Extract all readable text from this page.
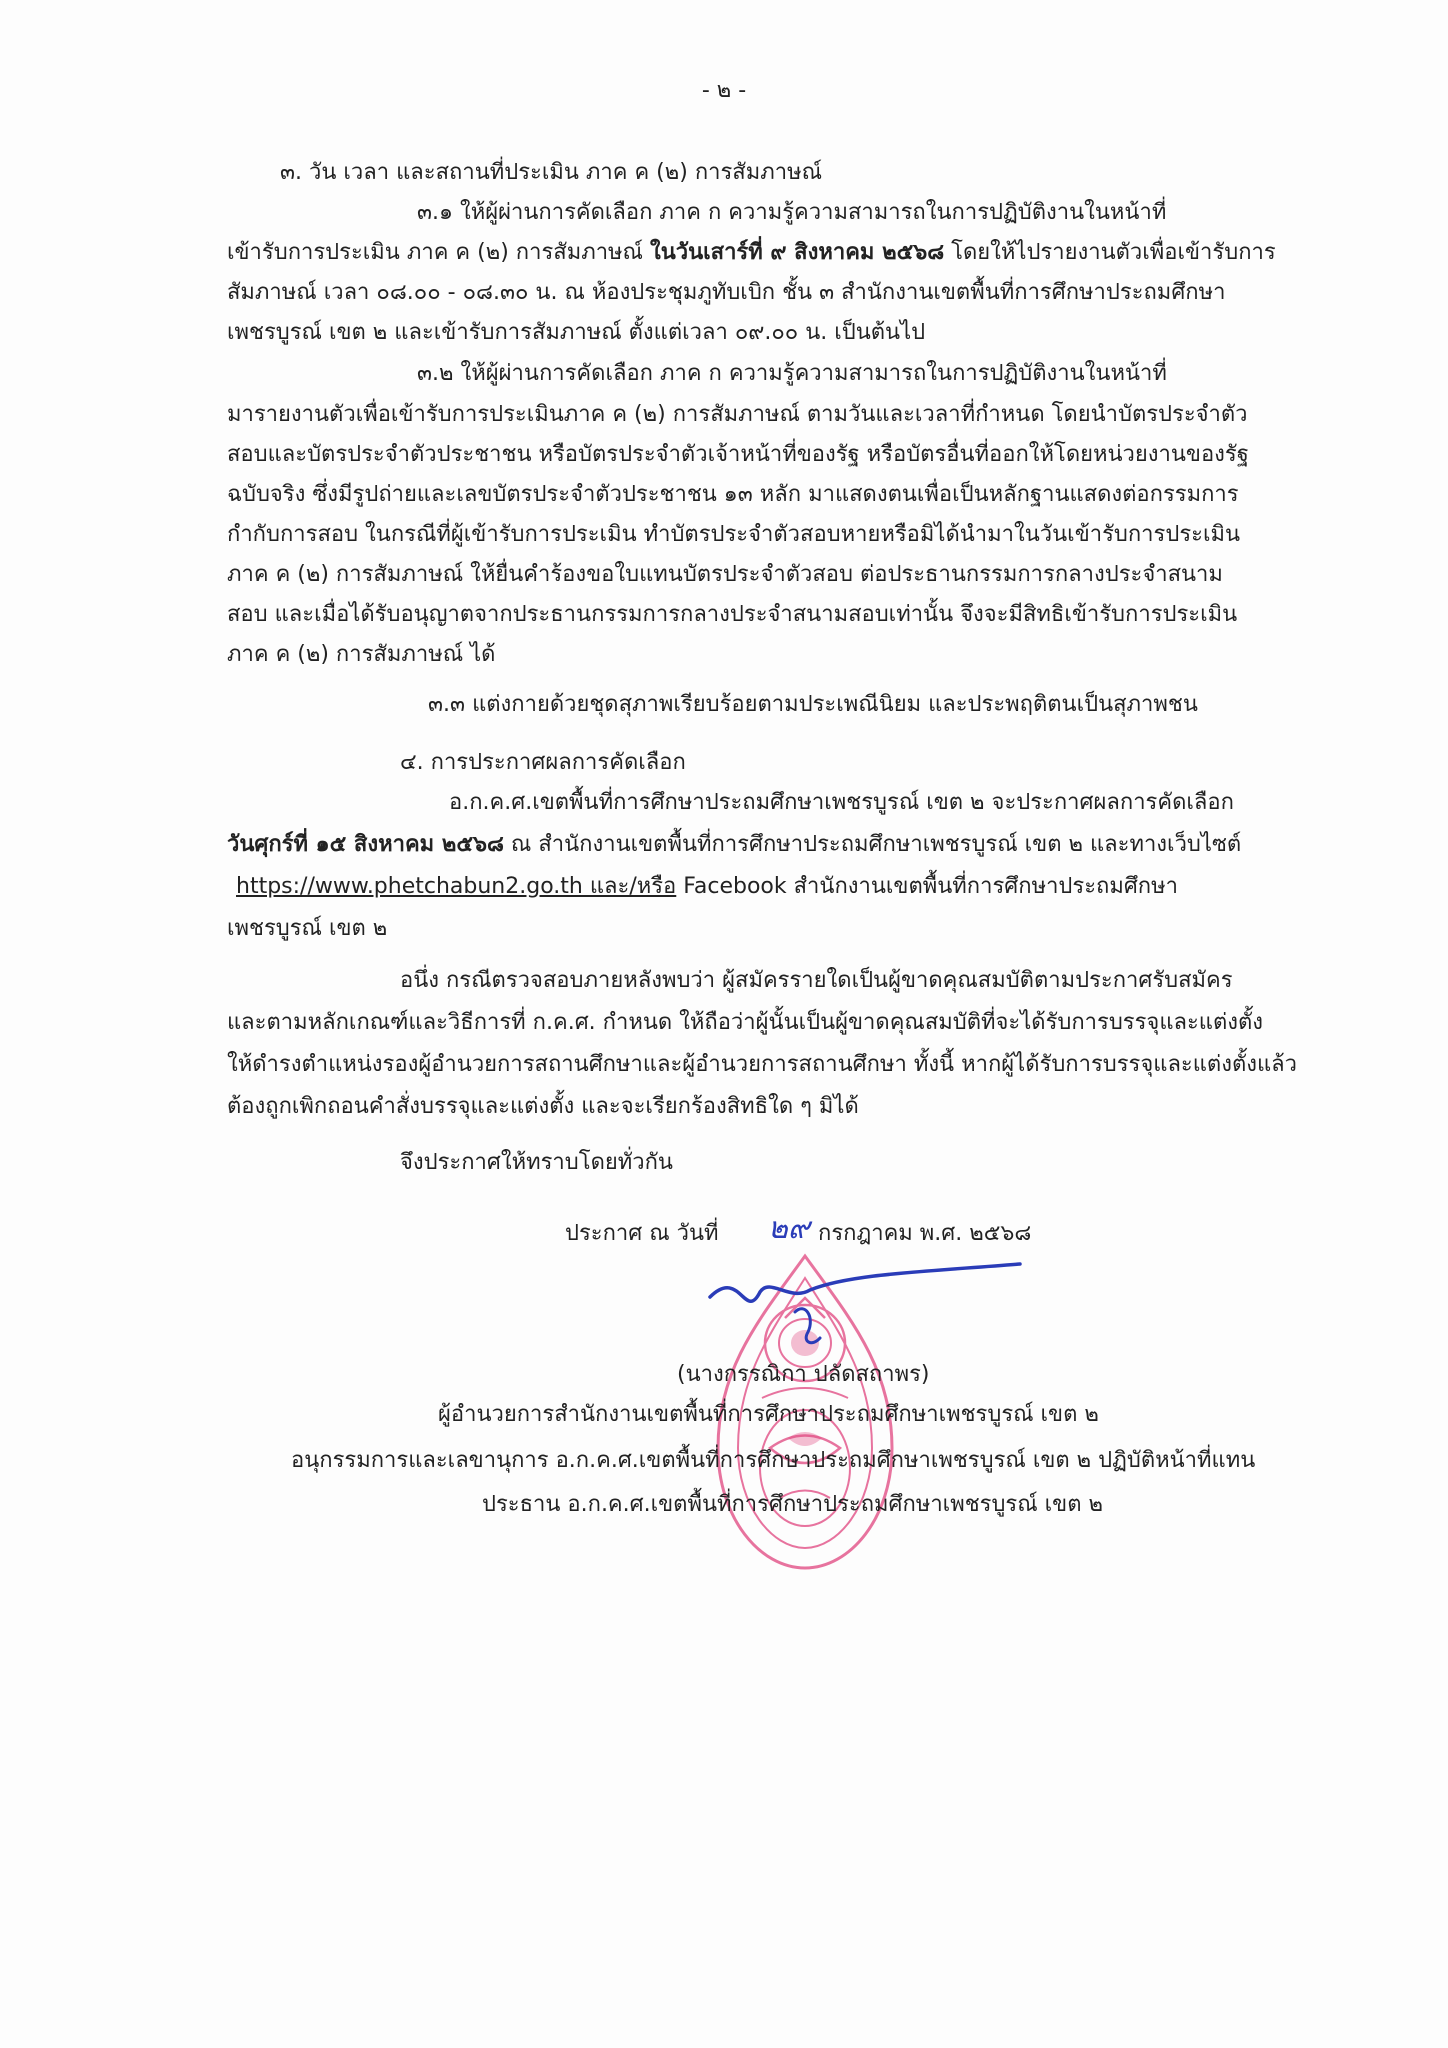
- ๒ -
๓. วัน เวลา และสถานที่ประเมิน ภาค ค (๒) การสัมภาษณ์
๓.๑ ให้ผู้ผ่านการคัดเลือก ภาค ก ความรู้ความสามารถในการปฏิบัติงานในหน้าที่
เข้ารับการประเมิน ภาค ค (๒) การสัมภาษณ์ ในวันเสาร์ที่ ๙ สิงหาคม ๒๕๖๘ โดยให้ไปรายงานตัวเพื่อเข้ารับการ
สัมภาษณ์ เวลา ๐๘.๐๐ - ๐๘.๓๐ น. ณ ห้องประชุมภูทับเบิก ชั้น ๓ สำนักงานเขตพื้นที่การศึกษาประถมศึกษา
เพชรบูรณ์ เขต ๒ และเข้ารับการสัมภาษณ์ ตั้งแต่เวลา ๐๙.๐๐ น. เป็นต้นไป
๓.๒ ให้ผู้ผ่านการคัดเลือก ภาค ก ความรู้ความสามารถในการปฏิบัติงานในหน้าที่
มารายงานตัวเพื่อเข้ารับการประเมินภาค ค (๒) การสัมภาษณ์ ตามวันและเวลาที่กำหนด โดยนำบัตรประจำตัว
สอบและบัตรประจำตัวประชาชน หรือบัตรประจำตัวเจ้าหน้าที่ของรัฐ หรือบัตรอื่นที่ออกให้โดยหน่วยงานของรัฐ
ฉบับจริง ซึ่งมีรูปถ่ายและเลขบัตรประจำตัวประชาชน ๑๓ หลัก มาแสดงตนเพื่อเป็นหลักฐานแสดงต่อกรรมการ
กำกับการสอบ ในกรณีที่ผู้เข้ารับการประเมิน ทำบัตรประจำตัวสอบหายหรือมิได้นำมาในวันเข้ารับการประเมิน
ภาค ค (๒) การสัมภาษณ์ ให้ยื่นคำร้องขอใบแทนบัตรประจำตัวสอบ ต่อประธานกรรมการกลางประจำสนาม
สอบ และเมื่อได้รับอนุญาตจากประธานกรรมการกลางประจำสนามสอบเท่านั้น จึงจะมีสิทธิเข้ารับการประเมิน
ภาค ค (๒) การสัมภาษณ์ ได้
๓.๓ แต่งกายด้วยชุดสุภาพเรียบร้อยตามประเพณีนิยม และประพฤติตนเป็นสุภาพชน
๔. การประกาศผลการคัดเลือก
อ.ก.ค.ศ.เขตพื้นที่การศึกษาประถมศึกษาเพชรบูรณ์ เขต ๒ จะประกาศผลการคัดเลือก
วันศุกร์ที่ ๑๕ สิงหาคม ๒๕๖๘ ณ สำนักงานเขตพื้นที่การศึกษาประถมศึกษาเพชรบูรณ์ เขต ๒ และทางเว็บไซต์
https://www.phetchabun2.go.th และ/หรือ Facebook สำนักงานเขตพื้นที่การศึกษาประถมศึกษา
เพชรบูรณ์ เขต ๒
อนึ่ง กรณีตรวจสอบภายหลังพบว่า ผู้สมัครรายใดเป็นผู้ขาดคุณสมบัติตามประกาศรับสมัคร
และตามหลักเกณฑ์และวิธีการที่ ก.ค.ศ. กำหนด ให้ถือว่าผู้นั้นเป็นผู้ขาดคุณสมบัติที่จะได้รับการบรรจุและแต่งตั้ง
ให้ดำรงตำแหน่งรองผู้อำนวยการสถานศึกษาและผู้อำนวยการสถานศึกษา ทั้งนี้ หากผู้ได้รับการบรรจุและแต่งตั้งแล้ว
ต้องถูกเพิกถอนคำสั่งบรรจุและแต่งตั้ง และจะเรียกร้องสิทธิใด ๆ มิได้
จึงประกาศให้ทราบโดยทั่วกัน
ประกาศ ณ วันที่ ๒๙ กรกฎาคม พ.ศ. ๒๕๖๘
(นางกรรณิกา ปลัดสถาพร)
ผู้อำนวยการสำนักงานเขตพื้นที่การศึกษาประถมศึกษาเพชรบูรณ์ เขต ๒
อนุกรรมการและเลขานุการ อ.ก.ค.ศ.เขตพื้นที่การศึกษาประถมศึกษาเพชรบูรณ์ เขต ๒ ปฏิบัติหน้าที่แทน
ประธาน อ.ก.ค.ศ.เขตพื้นที่การศึกษาประถมศึกษาเพชรบูรณ์ เขต ๒
